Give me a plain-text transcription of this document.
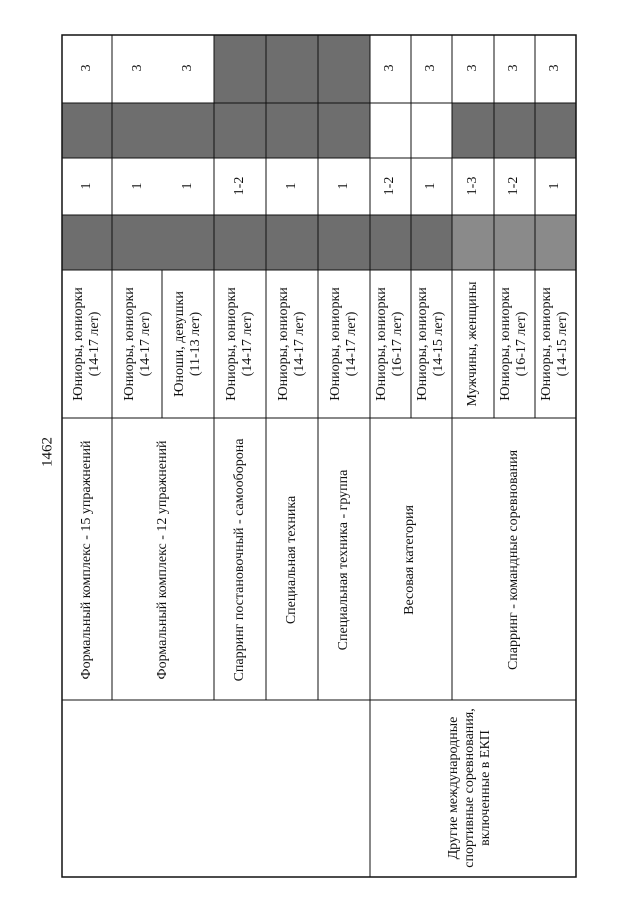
1462
Другие международные
спортивные соревнования,
включенные в ЕКП
Юниоры, юниорки
(14-17 лет)
1
3
Формальный комплекс - 15 упражнений
Юниоры, юниорки
(14-17 лет)
1
3
Формальный комплекс - 12 упражнений
Юноши, девушки
(11-13 лет)
1
3
Юниоры, юниорки
(14-17 лет)
1-2
Спарринг постановочный - самооборона
Юниоры, юниорки
(14-17 лет)
1
Специальная техника
Юниоры, юниорки
(14-17 лет)
1
Специальная техника - группа
Юниоры, юниорки
(16-17 лет)
1-2
3
Весовая категория
Юниоры, юниорки
(14-15 лет)
1
3
Мужчины, женщины
1-3
3
Спарринг - командные соревнования
Юниоры, юниорки
(16-17 лет)
1-2
3
Юниоры, юниорки
(14-15 лет)
1
3
